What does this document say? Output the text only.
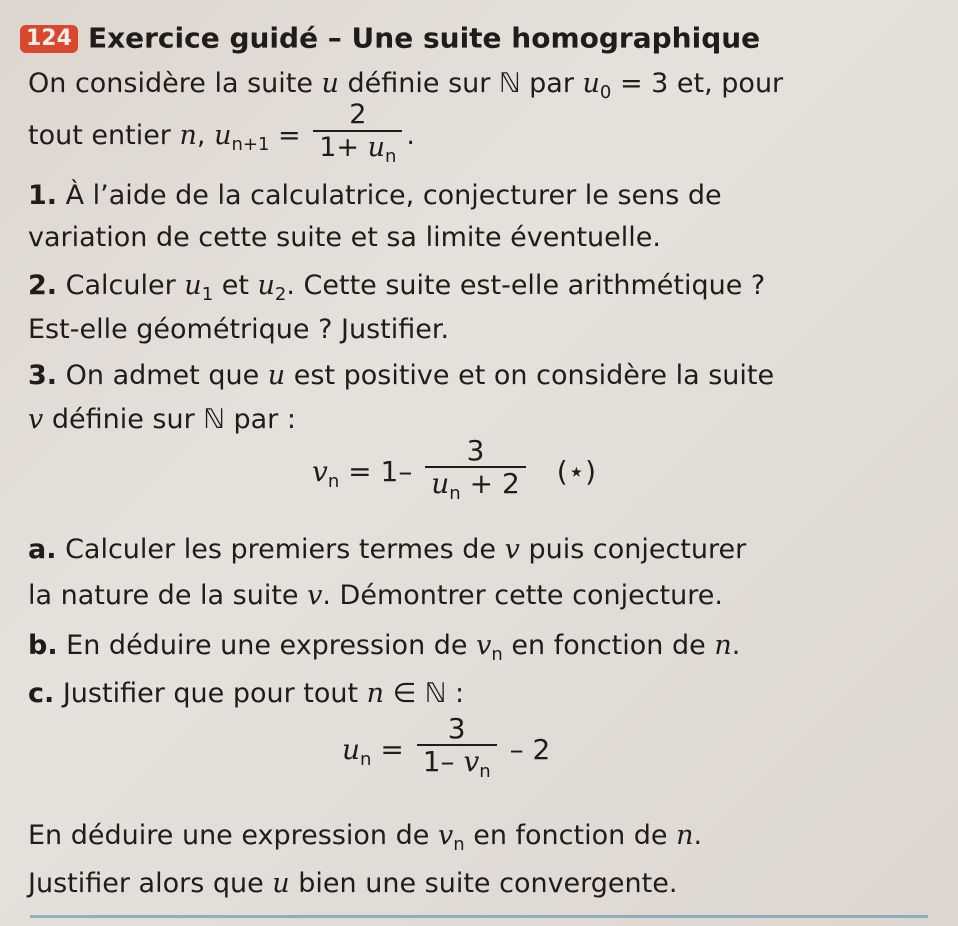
124 Exercice guidé – Une suite homographique
On considère la suite u définie sur ℕ par $u_0 = 3$ et, pour
tout entier n, $u_{n+1} = \frac{2}{1+ u_n}$ .
1. À l’aide de la calculatrice, conjecturer le sens de
variation de cette suite et sa limite éventuelle.
2. Calculer $u_1$ et $u_2$. Cette suite est-elle arithmétique ?
Est-elle géométrique ? Justifier.
3. On admet que u est positive et on considère la suite
v définie sur ℕ par :
$v_n = 1- \frac{3}{u_n + 2}$ (⋆)
a. Calculer les premiers termes de v puis conjecturer
la nature de la suite v. Démontrer cette conjecture.
b. En déduire une expression de $v_n$ en fonction de n.
c. Justifier que pour tout n ∈ ℕ :
$u_n = \frac{3}{1- v_n} - 2$
En déduire une expression de $v_n$ en fonction de n.
Justifier alors que u bien une suite convergente.
